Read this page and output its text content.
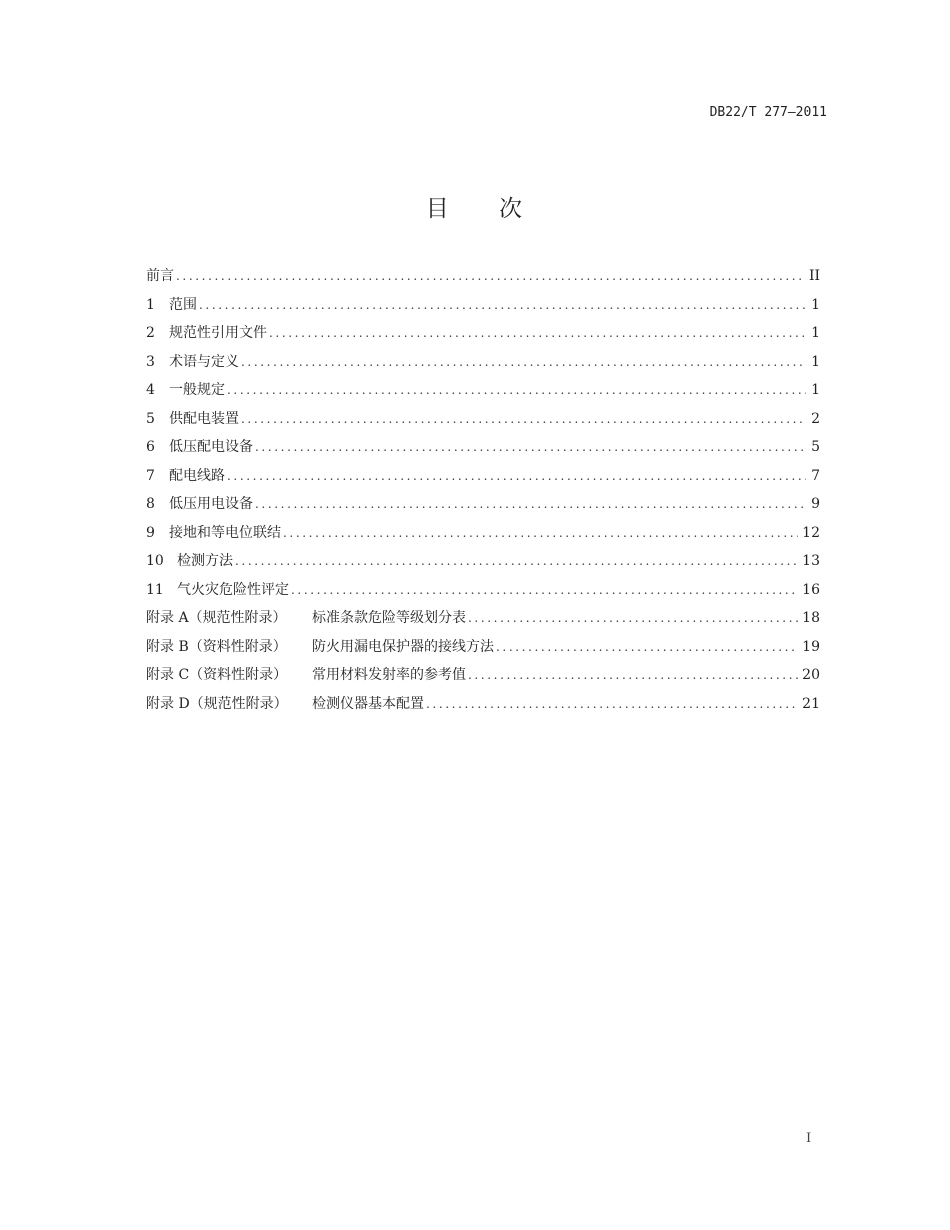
DB22/T 277—2011
目 次
前言 .....	II
1	范围 .....	1
2	规范性引用文件 .....	1
3	术语与定义 .....	1
4	一般规定 .....	1
5	供配电装置 .....	2
6	低压配电设备 .....	5
7	配电线路 .....	7
8	低压用电设备 .....	9
9	接地和等电位联结 .....	12
10 检测方法 .....	13
11 气火灾危险性评定 .....	16
附录 A（规范性附录）	标准条款危险等级划分表 .....	18
附录 B（资料性附录）	防火用漏电保护器的接线方法 .....	19
附录 C（资料性附录）	常用材料发射率的参考值 .....	20
附录 D（规范性附录）	检测仪器基本配置 .....	21
I
